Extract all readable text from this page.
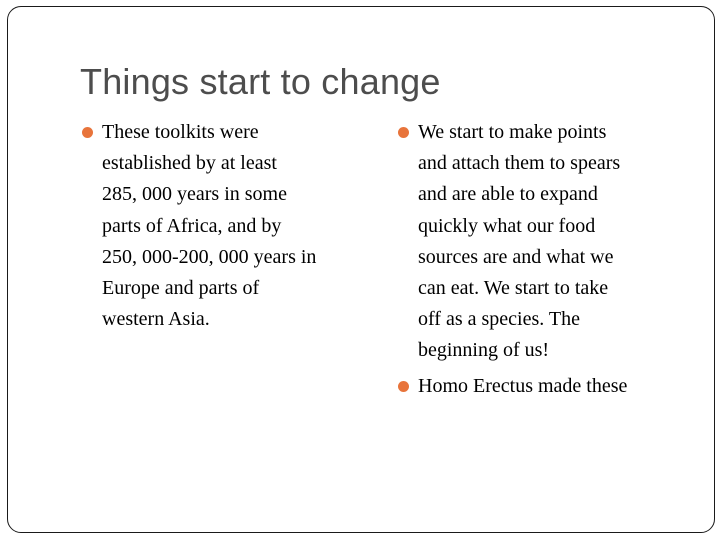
Things start to change
These toolkits were
established by at least
285, 000 years in some
parts of Africa, and by
250, 000-200, 000 years in
Europe and parts of
western Asia.
We start to make points
and attach them to spears
and are able to expand
quickly what our food
sources are and what we
can eat. We start to take
off as a species. The
beginning of us!
Homo Erectus made these
